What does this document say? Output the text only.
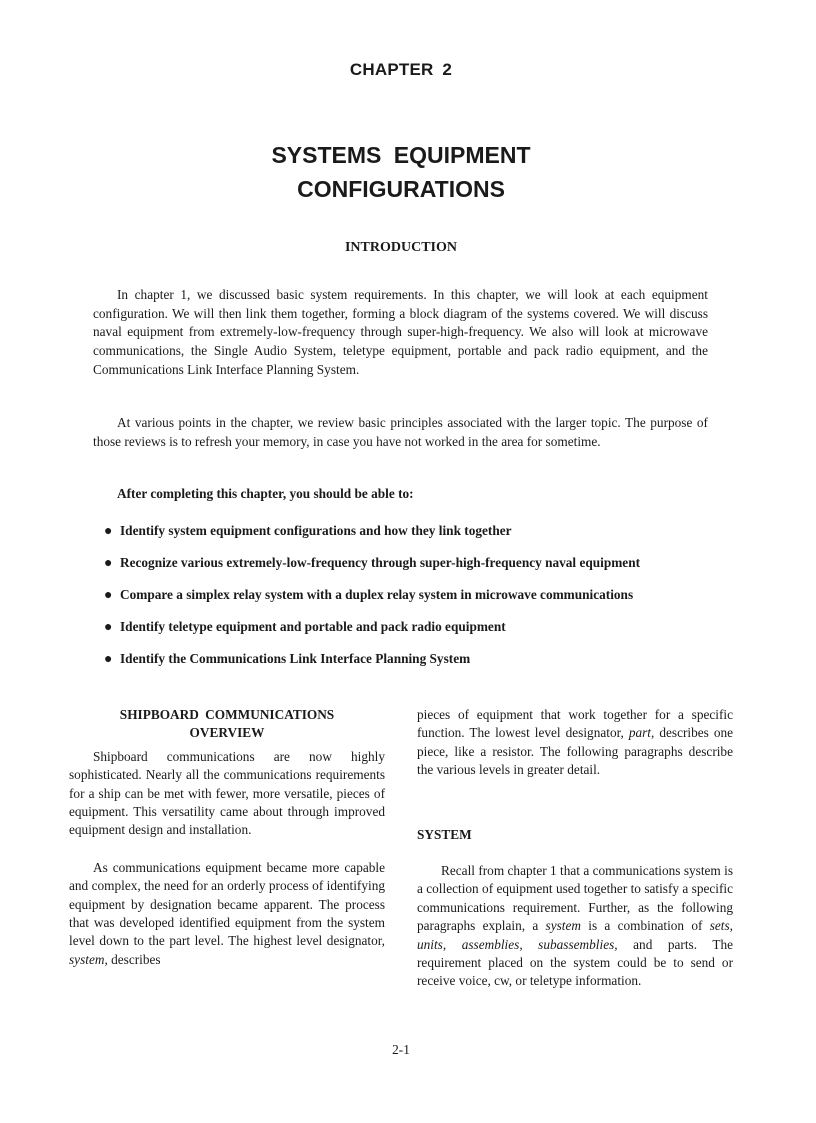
CHAPTER 2
SYSTEMS EQUIPMENT
CONFIGURATIONS
INTRODUCTION

In chapter 1, we discussed basic system requirements. In this chapter, we will look at each equipment configuration. We will then link them together, forming a block diagram of the systems covered. We will discuss naval equipment from extremely-low-frequency through super-high-frequency. We also will look at microwave communications, the Single Audio System, teletype equipment, portable and pack radio equipment, and the Communications Link Interface Planning System.

At various points in the chapter, we review basic principles associated with the larger topic. The purpose of those reviews is to refresh your memory, in case you have not worked in the area for sometime.

After completing this chapter, you should be able to:
● Identify system equipment configurations and how they link together
● Recognize various extremely-low-frequency through super-high-frequency naval equipment
● Compare a simplex relay system with a duplex relay system in microwave communications
● Identify teletype equipment and portable and pack radio equipment
● Identify the Communications Link Interface Planning System
SHIPBOARD COMMUNICATIONS
OVERVIEW

Shipboard communications are now highly sophisticated. Nearly all the communications requirements for a ship can be met with fewer, more versatile, pieces of equipment. This versatility came about through improved equipment design and installation.

As communications equipment became more capable and complex, the need for an orderly process of identifying equipment by designation became apparent. The process that was developed identified equipment from the system level down to the part level. The highest level designator, system, describes

pieces of equipment that work together for a specific function. The lowest level designator, part, describes one piece, like a resistor. The following paragraphs describe the various levels in greater detail.

SYSTEM

Recall from chapter 1 that a communications system is a collection of equipment used together to satisfy a specific communications requirement. Further, as the following paragraphs explain, a system is a combination of sets, units, assemblies, subassemblies, and parts. The requirement placed on the system could be to send or receive voice, cw, or teletype information.

2-1
